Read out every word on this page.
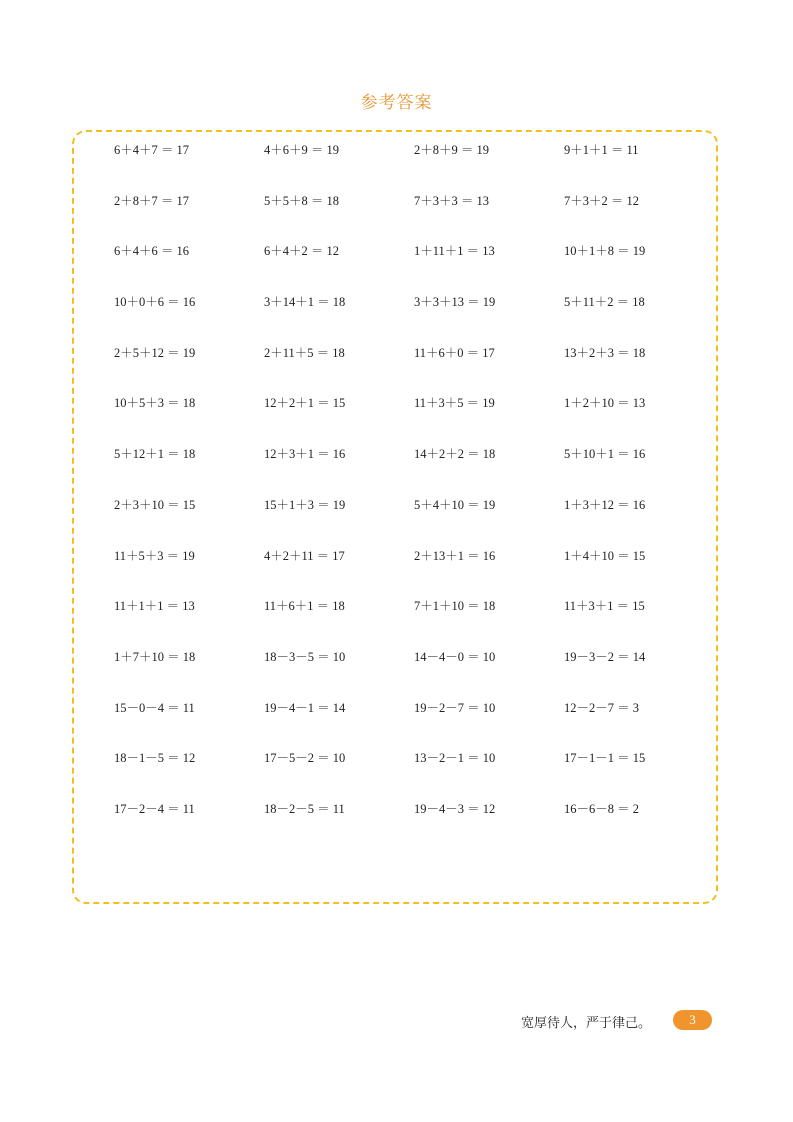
参考答案
6＋4＋7 ＝ 17	4＋6＋9 ＝ 19	2＋8＋9 ＝ 19	9＋1＋1 ＝ 11
2＋8＋7 ＝ 17	5＋5＋8 ＝ 18	7＋3＋3 ＝ 13	7＋3＋2 ＝ 12
6＋4＋6 ＝ 16	6＋4＋2 ＝ 12	1＋11＋1 ＝ 13	10＋1＋8 ＝ 19
10＋0＋6 ＝ 16	3＋14＋1 ＝ 18	3＋3＋13 ＝ 19	5＋11＋2 ＝ 18
2＋5＋12 ＝ 19	2＋11＋5 ＝ 18	11＋6＋0 ＝ 17	13＋2＋3 ＝ 18
10＋5＋3 ＝ 18	12＋2＋1 ＝ 15	11＋3＋5 ＝ 19	1＋2＋10 ＝ 13
5＋12＋1 ＝ 18	12＋3＋1 ＝ 16	14＋2＋2 ＝ 18	5＋10＋1 ＝ 16
2＋3＋10 ＝ 15	15＋1＋3 ＝ 19	5＋4＋10 ＝ 19	1＋3＋12 ＝ 16
11＋5＋3 ＝ 19	4＋2＋11 ＝ 17	2＋13＋1 ＝ 16	1＋4＋10 ＝ 15
11＋1＋1 ＝ 13	11＋6＋1 ＝ 18	7＋1＋10 ＝ 18	11＋3＋1 ＝ 15
1＋7＋10 ＝ 18	18－3－5 ＝ 10	14－4－0 ＝ 10	19－3－2 ＝ 14
15－0－4 ＝ 11	19－4－1 ＝ 14	19－2－7 ＝ 10	12－2－7 ＝ 3
18－1－5 ＝ 12	17－5－2 ＝ 10	13－2－1 ＝ 10	17－1－1 ＝ 15
17－2－4 ＝ 11	18－2－5 ＝ 11	19－4－3 ＝ 12	16－6－8 ＝ 2
宽厚待人，严于律己。	3
